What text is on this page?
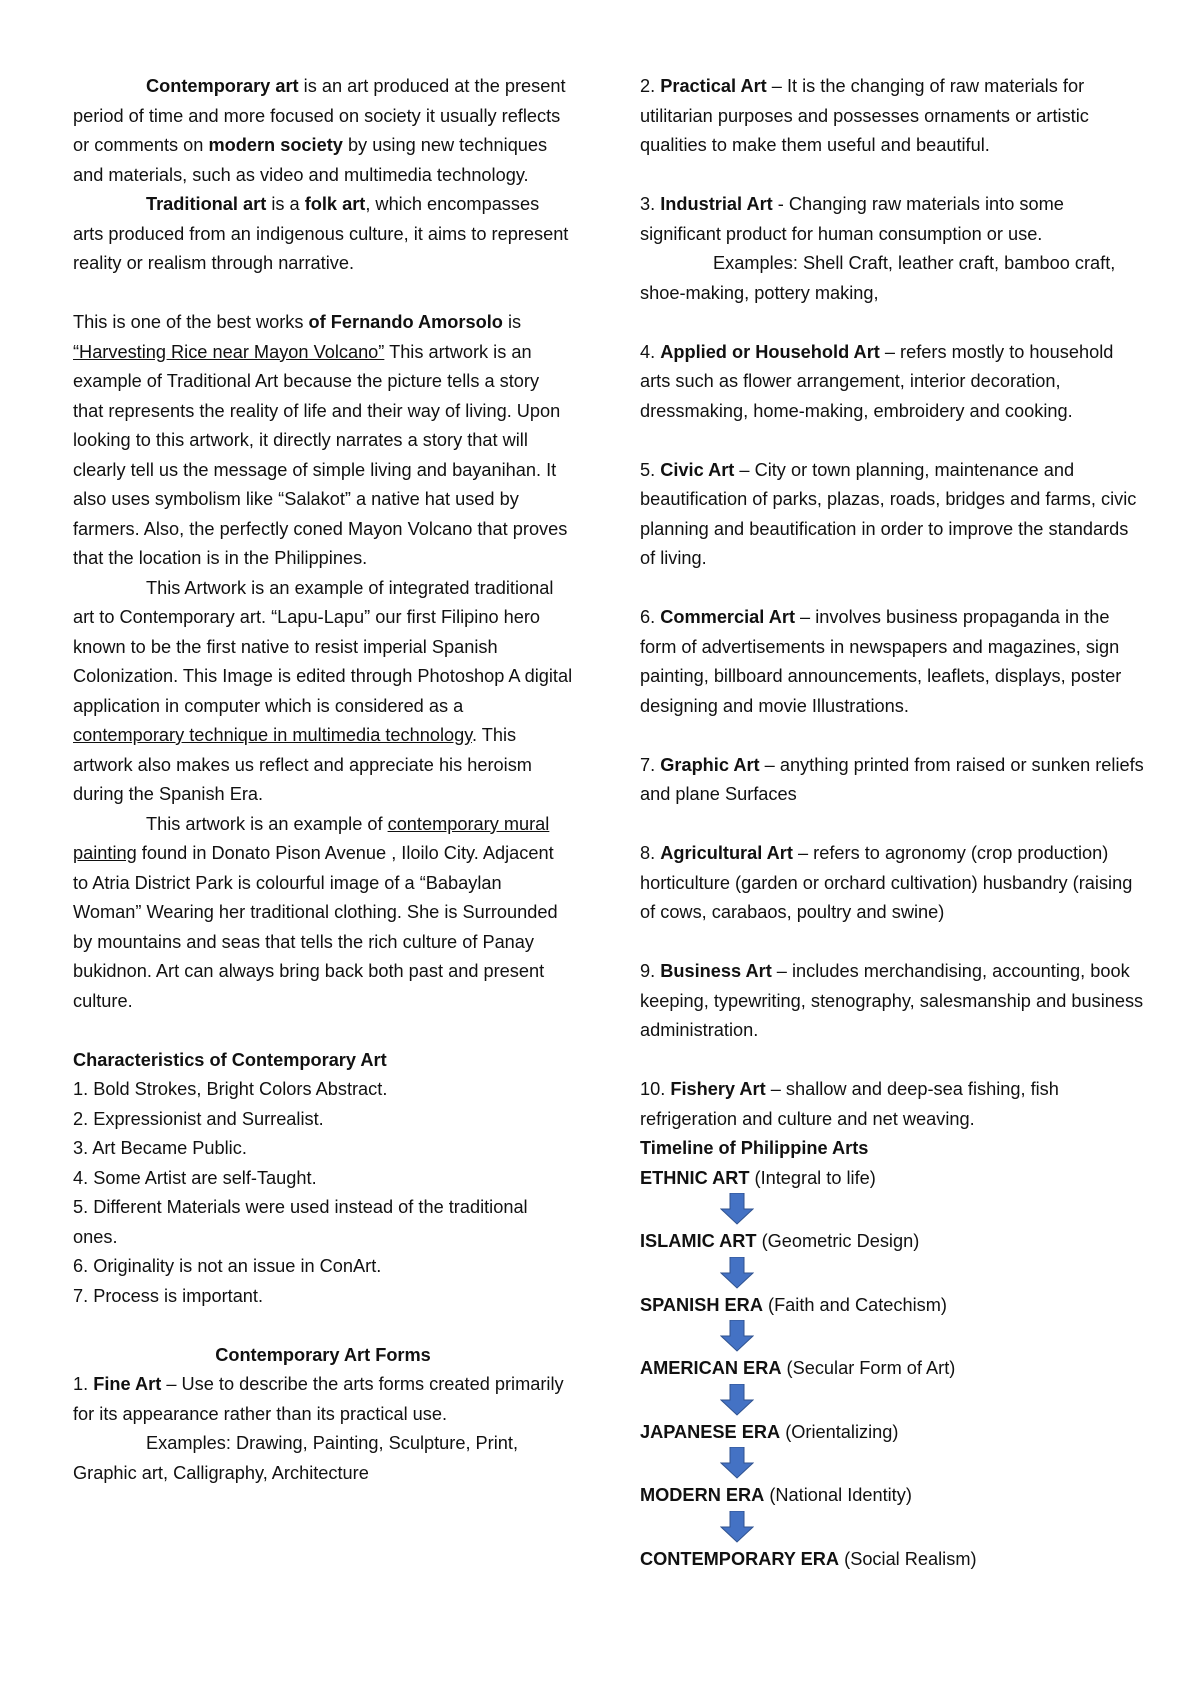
Contemporary art is an art produced at the present period of time and more focused on society it usually reflects or comments on modern society by using new techniques and materials, such as video and multimedia technology.

Traditional art is a folk art, which encompasses arts produced from an indigenous culture, it aims to represent reality or realism through narrative.

This is one of the best works of Fernando Amorsolo is “Harvesting Rice near Mayon Volcano” This artwork is an example of Traditional Art because the picture tells a story that represents the reality of life and their way of living. Upon looking to this artwork, it directly narrates a story that will clearly tell us the message of simple living and bayanihan. It also uses symbolism like “Salakot” a native hat used by farmers. Also, the perfectly coned Mayon Volcano that proves that the location is in the Philippines.

This Artwork is an example of integrated traditional art to Contemporary art. “Lapu-Lapu” our first Filipino hero known to be the first native to resist imperial Spanish Colonization. This Image is edited through Photoshop A digital application in computer which is considered as a contemporary technique in multimedia technology. This artwork also makes us reflect and appreciate his heroism during the Spanish Era.

This artwork is an example of contemporary mural painting found in Donato Pison Avenue , Iloilo City. Adjacent to Atria District Park is colourful image of a “Babaylan Woman” Wearing her traditional clothing. She is Surrounded by mountains and seas that tells the rich culture of Panay bukidnon. Art can always bring back both past and present culture.

Characteristics of Contemporary Art

1. Bold Strokes, Bright Colors Abstract.
2. Expressionist and Surrealist.
3. Art Became Public.
4. Some Artist are self-Taught.
5. Different Materials were used instead of the traditional ones.
6. Originality is not an issue in ConArt.
7. Process is important.

Contemporary Art Forms

1. Fine Art – Use to describe the arts forms created primarily for its appearance rather than its practical use.

Examples: Drawing, Painting, Sculpture, Print, Graphic art, Calligraphy, Architecture

2. Practical Art – It is the changing of raw materials for utilitarian purposes and possesses ornaments or artistic qualities to make them useful and beautiful.

3. Industrial Art - Changing raw materials into some significant product for human consumption or use.

Examples: Shell Craft, leather craft, bamboo craft, shoe-making, pottery making,

4. Applied or Household Art – refers mostly to household arts such as flower arrangement, interior decoration, dressmaking, home-making, embroidery and cooking.

5. Civic Art – City or town planning, maintenance and beautification of parks, plazas, roads, bridges and farms, civic planning and beautification in order to improve the standards of living.

6. Commercial Art – involves business propaganda in the form of advertisements in newspapers and magazines, sign painting, billboard announcements, leaflets, displays, poster designing and movie Illustrations.

7. Graphic Art – anything printed from raised or sunken reliefs and plane Surfaces

8. Agricultural Art – refers to agronomy (crop production) horticulture (garden or orchard cultivation) husbandry (raising of cows, carabaos, poultry and swine)

9. Business Art – includes merchandising, accounting, book keeping, typewriting, stenography, salesmanship and business administration.

10. Fishery Art – shallow and deep-sea fishing, fish refrigeration and culture and net weaving.

Timeline of Philippine Arts

ETHNIC ART (Integral to life)

ISLAMIC ART (Geometric Design)

SPANISH ERA (Faith and Catechism)

AMERICAN ERA (Secular Form of Art)

JAPANESE ERA (Orientalizing)

MODERN ERA (National Identity)

CONTEMPORARY ERA (Social Realism)
